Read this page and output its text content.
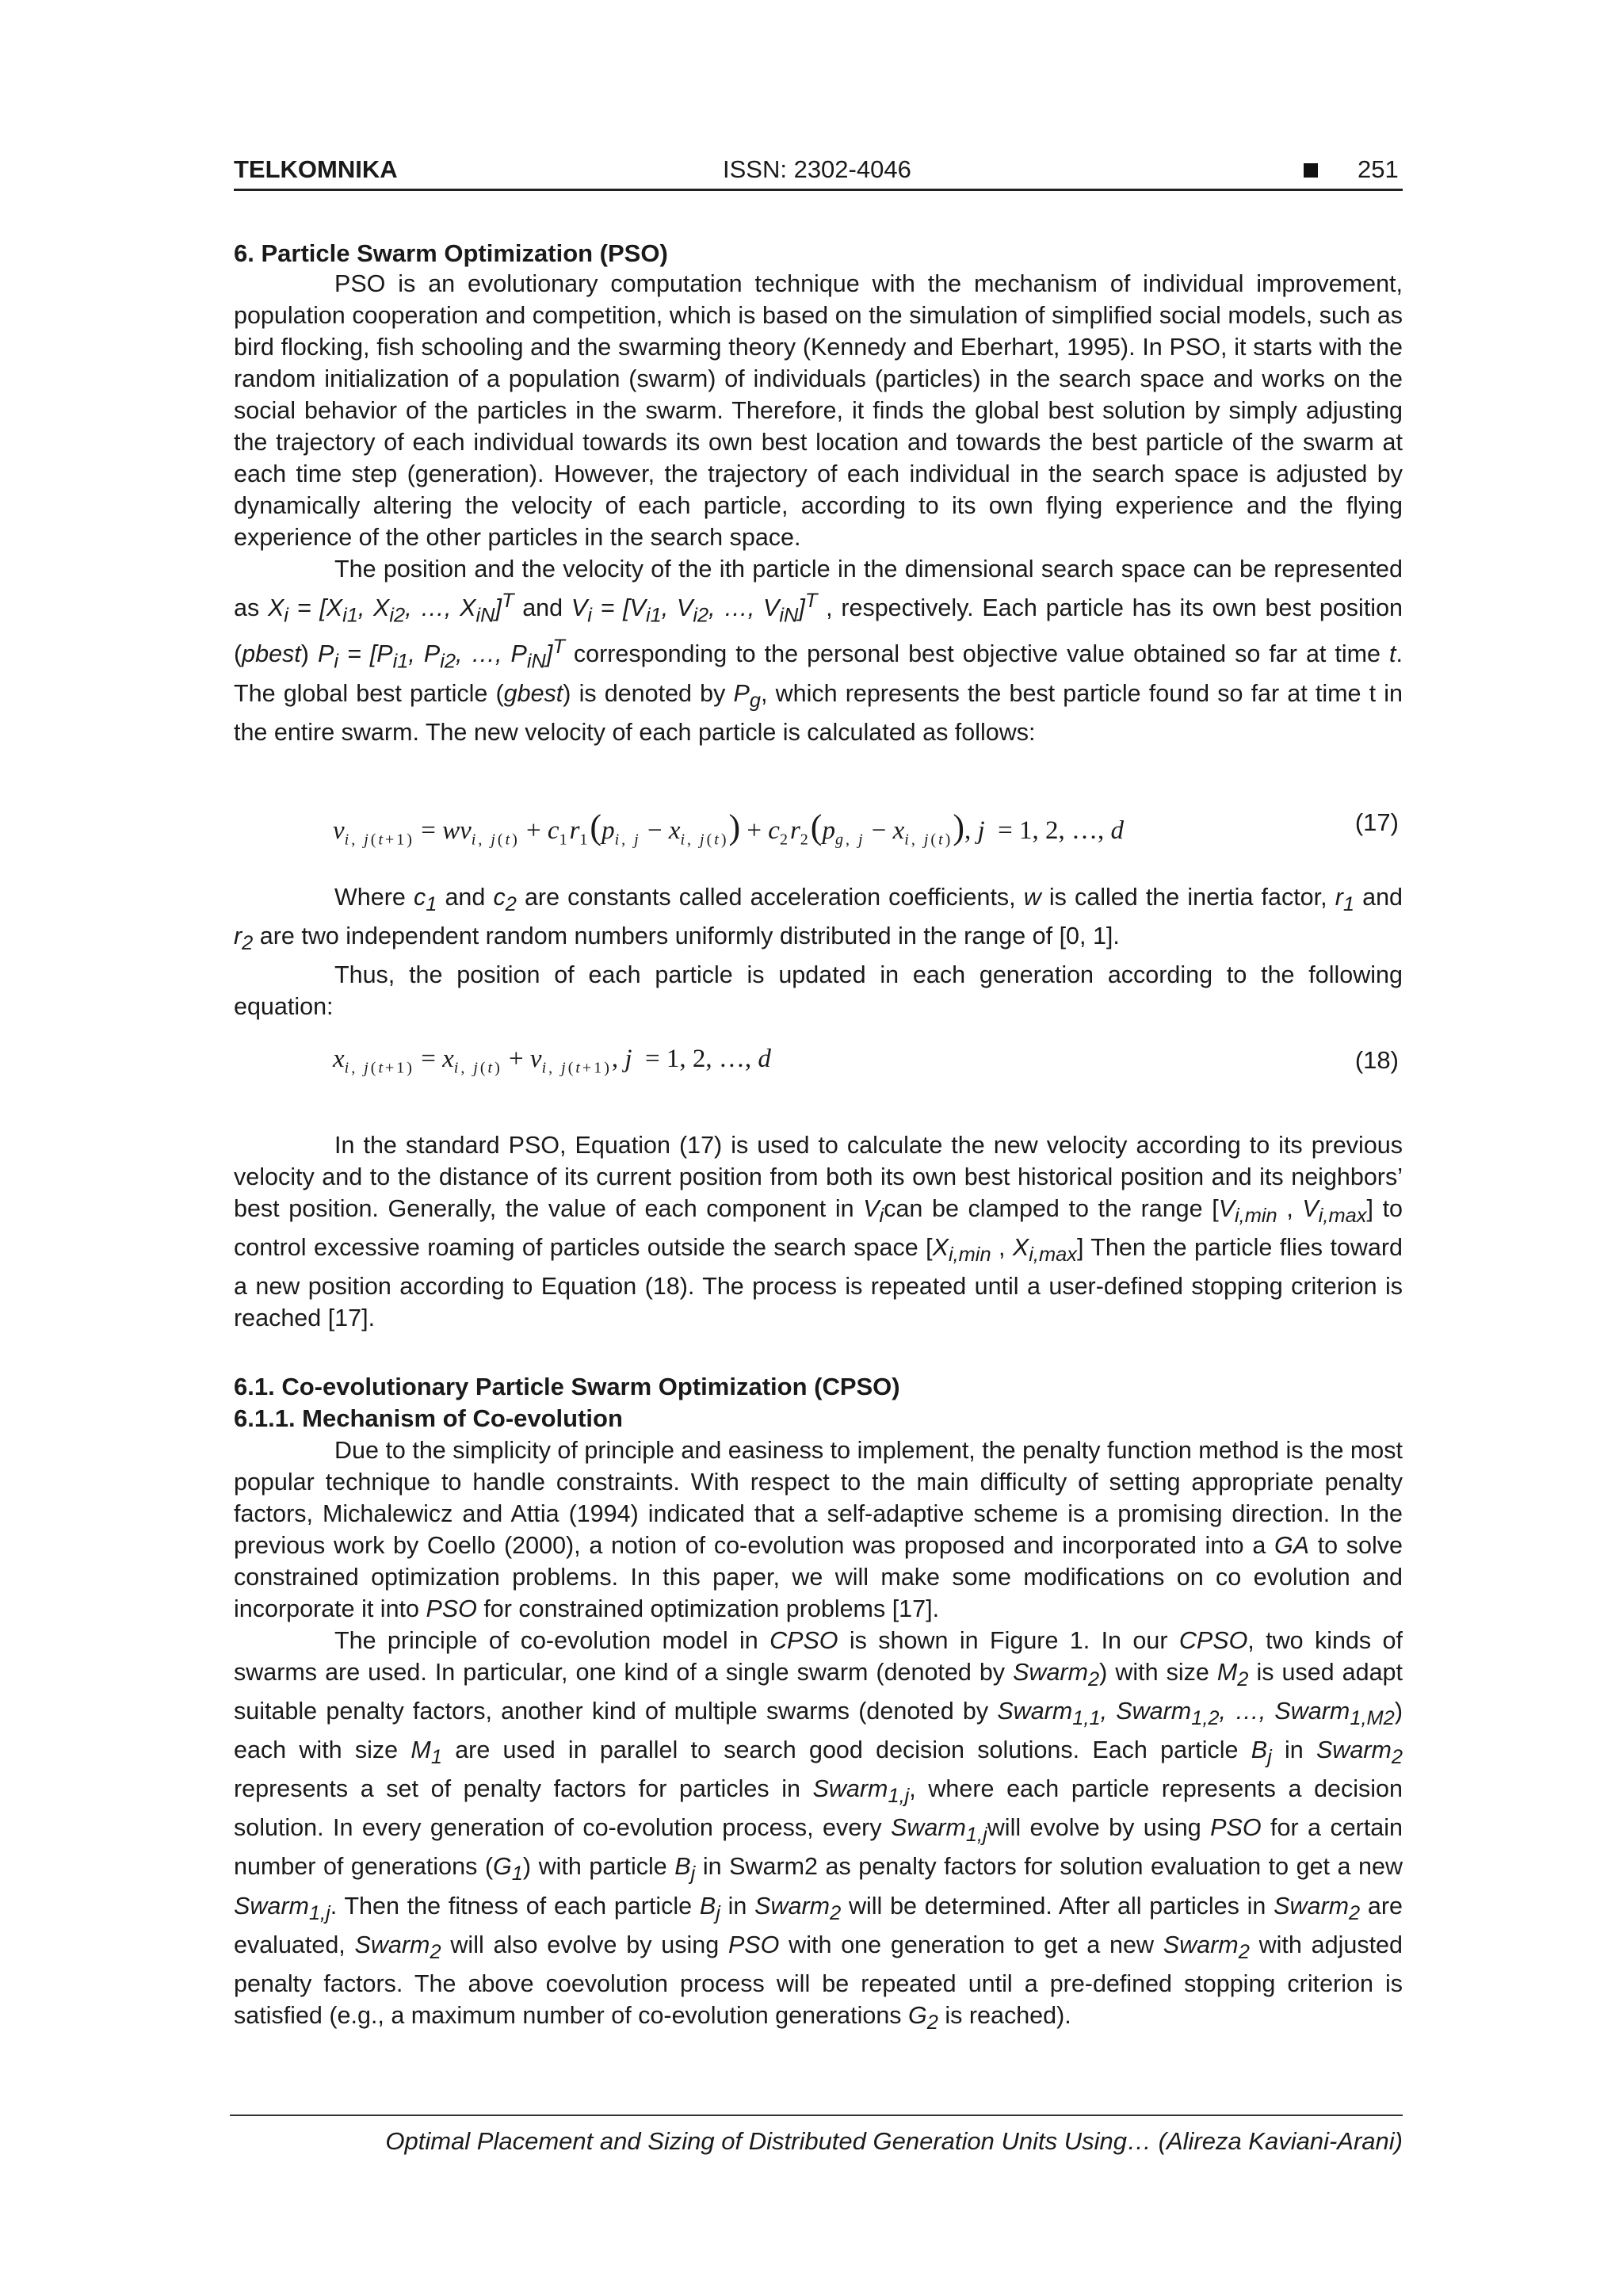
TELKOMNIKA	ISSN: 2302-4046	251
6. Particle Swarm Optimization (PSO)

PSO is an evolutionary computation technique with the mechanism of individual improvement, population cooperation and competition, which is based on the simulation of simplified social models, such as bird flocking, fish schooling and the swarming theory (Kennedy and Eberhart, 1995). In PSO, it starts with the random initialization of a population (swarm) of individuals (particles) in the search space and works on the social behavior of the particles in the swarm. Therefore, it finds the global best solution by simply adjusting the trajectory of each individual towards its own best location and towards the best particle of the swarm at each time step (generation). However, the trajectory of each individual in the search space is adjusted by dynamically altering the velocity of each particle, according to its own flying experience and the flying experience of the other particles in the search space.

The position and the velocity of the ith particle in the dimensional search space can be represented as $X_i = [X_{i1}$, $X_{i2}$, …, $X_{iN}]^T$ and $V_i = [V_{i1}$, $V_{i2}$, …, $V_{iN}]^T$ , respectively. Each particle has its own best position (pbest) $P_i = [P_{i1}$, $P_{i2}$, …, $P_{iN}]^T$ corresponding to the personal best objective value obtained so far at time t. The global best particle (gbest) is denoted by $P_g$, which represents the best particle found so far at time t in the entire swarm. The new velocity of each particle is calculated as follows:

$v_{i, j(t+1)} = wv_{i, j(t)} + c_1r_1(p_{i, j} - x_{i, j(t)}) + c_2r_2(p_{g, j} - x_{i, j(t)})$, j  = 1, 2, …, d	(17)

Where $c_1$ and $c_2$ are constants called acceleration coefficients, w is called the inertia factor, $r_1$ and $r_2$ are two independent random numbers uniformly distributed in the range of [0, 1].

Thus, the position of each particle is updated in each generation according to the following equation:

$x_{i, j(t+1)} = x_{i, j(t)} + v_{i, j(t+1)}$, j  = 1, 2, …, d	(18)

In the standard PSO, Equation (17) is used to calculate the new velocity according to its previous velocity and to the distance of its current position from both its own best historical position and its neighbors’ best position. Generally, the value of each component in $V_ican$ be clamped to the range [$V_{i,min}$ , $V_{i,max}$] to control excessive roaming of particles outside the search space [$X_{i,min}$ , $X_{i,max}$] Then the particle flies toward a new position according to Equation (18). The process is repeated until a user-defined stopping criterion is reached [17].

6.1. Co-evolutionary Particle Swarm Optimization (CPSO)
6.1.1. Mechanism of Co-evolution

Due to the simplicity of principle and easiness to implement, the penalty function method is the most popular technique to handle constraints. With respect to the main difficulty of setting appropriate penalty factors, Michalewicz and Attia (1994) indicated that a self-adaptive scheme is a promising direction. In the previous work by Coello (2000), a notion of co-evolution was proposed and incorporated into a GA to solve constrained optimization problems. In this paper, we will make some modifications on co evolution and incorporate it into PSO for constrained optimization problems [17].

The principle of co-evolution model in CPSO is shown in Figure 1. In our CPSO, two kinds of swarms are used. In particular, one kind of a single swarm (denoted by Swarm$_2$) with size $M_2$ is used adapt suitable penalty factors, another kind of multiple swarms (denoted by Swarm$_{1,1}$, Swarm$_{1,2}$, …, Swarm$_{1,M2}$) each with size $M_1$ are used in parallel to search good decision solutions. Each particle $B_j$ in Swarm$_2$ represents a set of penalty factors for particles in Swarm$_{1,j}$, where each particle represents a decision solution. In every generation of co-evolution process, every Swarm$_{1,j}$will evolve by using PSO for a certain number of generations $(G_1)$ with particle $B_j$ in Swarm2 as penalty factors for solution evaluation to get a new Swarm$_{1,j}$. Then the fitness of each particle $B_j$ in Swarm$_2$ will be determined. After all particles in Swarm$_2$ are evaluated, Swarm$_2$ will also evolve by using PSO with one generation to get a new Swarm$_2$ with adjusted penalty factors. The above coevolution process will be repeated until a pre-defined stopping criterion is satisfied (e.g., a maximum number of co-evolution generations $G_2$ is reached).

Optimal Placement and Sizing of Distributed Generation Units Using… (Alireza Kaviani-Arani)
